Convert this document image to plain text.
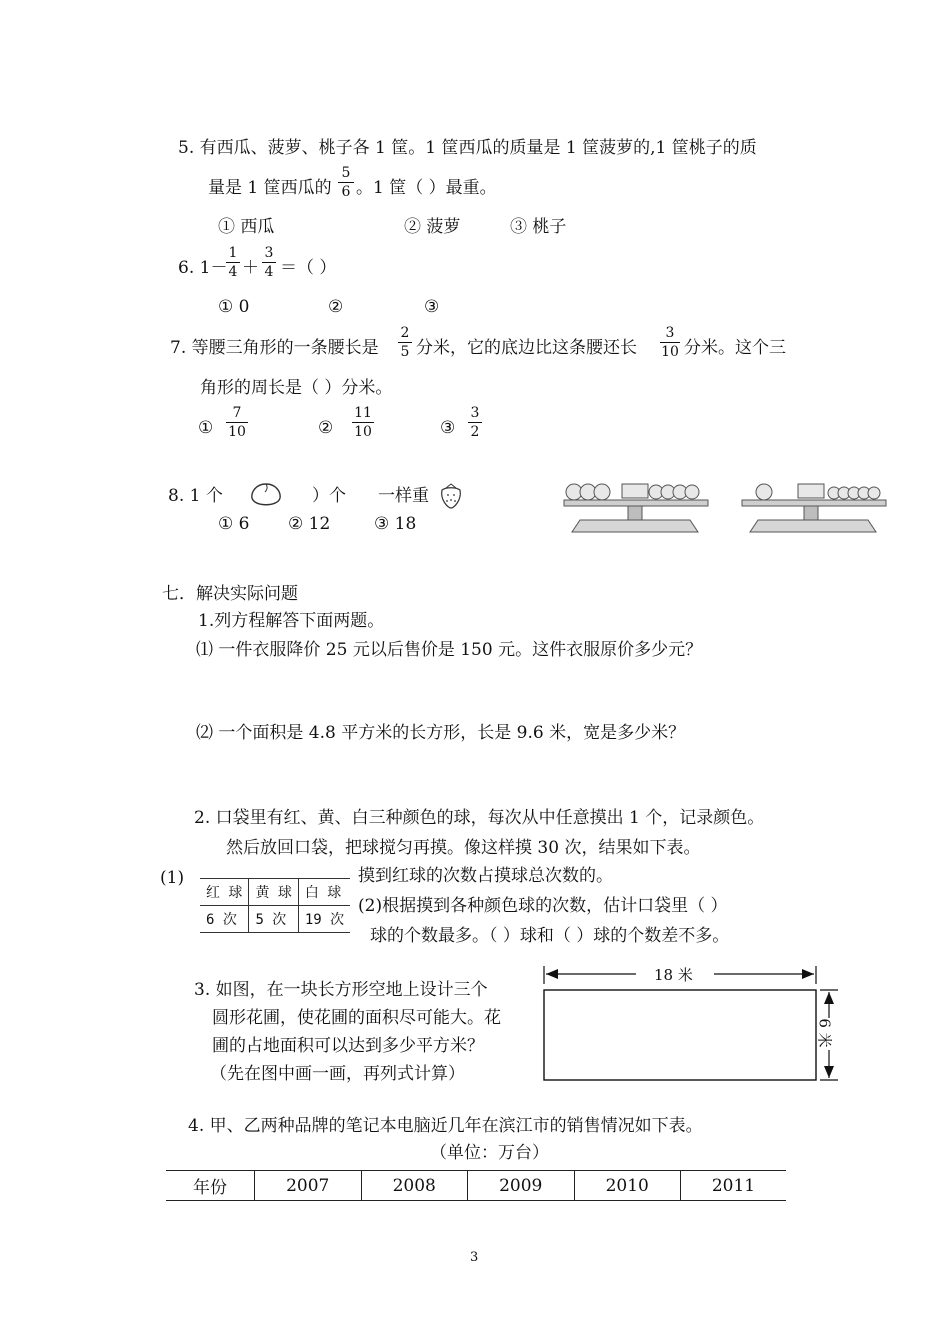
5. 有西瓜、菠萝、桃子各 1 筐。1 筐西瓜的质量是 1 筐菠萝的,1 筐桃子的质
量是 1 筐西瓜的
5
6 。1 筐（ ）最重。
① 西瓜	② 菠萝	③ 桃子
6. 1－
1
4 ＋
3
4 ＝（ ）
① 0	②	③
7. 等腰三角形的一条腰长是
2
5 分米，它的底边比这条腰还长
3
10 分米。这个三
角形的周长是（ ）分米。
①
7
10	②
11
10	③
3
2
8. 1 个	）个 一样重
① 6 ② 12	③ 18
七．解决实际问题
1.列方程解答下面两题。
⑴ 一件衣服降价 25 元以后售价是 150 元。这件衣服原价多少元？
⑵ 一个面积是 4.8 平方米的长方形，长是 9.6 米，宽是多少米？
2. 口袋里有红、黄、白三种颜色的球，每次从中任意摸出 1 个，记录颜色。
然后放回口袋，把球搅匀再摸。像这样摸 30 次，结果如下表。
(1)	摸到红球的次数占摸球总次数的。
(2)根据摸到各种颜色球的次数，估计口袋里（ ）
球的个数最多。（ ）球和（ ）球的个数差不多。
红 球	黄 球	白 球
6 次	5 次	19 次
3. 如图，在一块长方形空地上设计三个
圆形花圃，使花圃的面积尽可能大。花
圃的占地面积可以达到多少平方米？
（先在图中画一画，再列式计算）
18 米
6 米
4. 甲、乙两种品牌的笔记本电脑近几年在滨江市的销售情况如下表。
（单位：万台）
年份	2007	2008	2009	2010	2011
3
